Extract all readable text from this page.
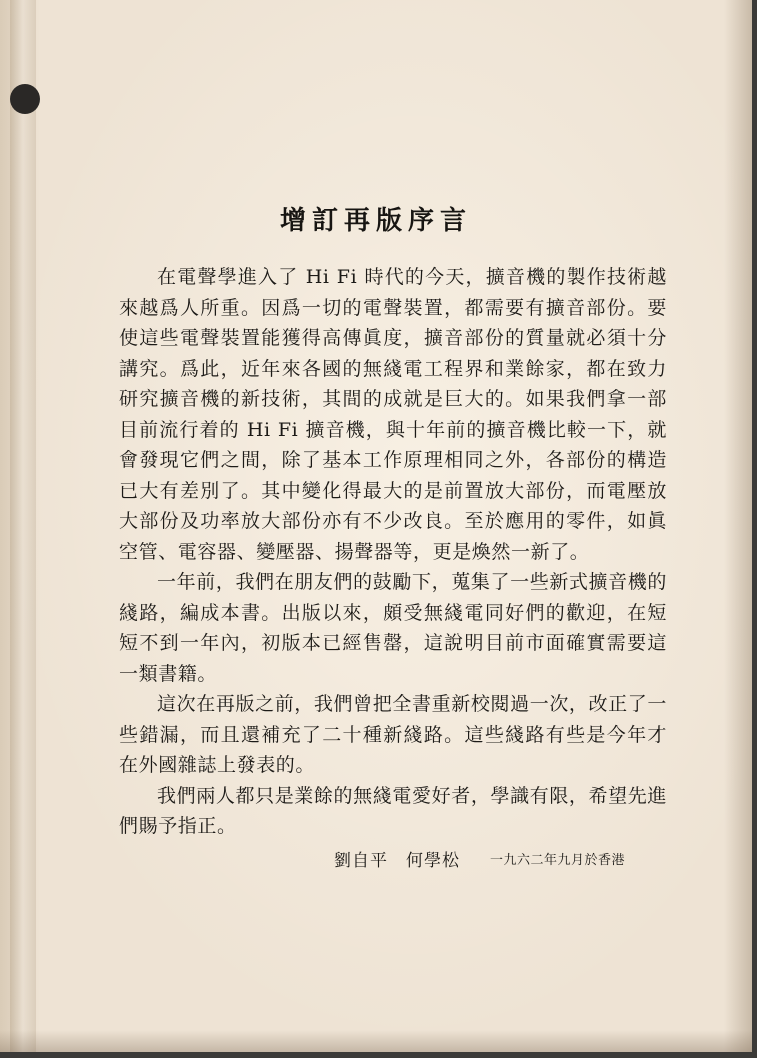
增訂再版序言

在電聲學進入了 Hi Fi 時代的今天，擴音機的製作技術越來越爲人所重。因爲一切的電聲裝置，都需要有擴音部份。要使這些電聲裝置能獲得高傳眞度，擴音部份的質量就必須十分講究。爲此，近年來各國的無綫電工程界和業餘家，都在致力研究擴音機的新技術，其間的成就是巨大的。如果我們拿一部目前流行着的 Hi Fi 擴音機，與十年前的擴音機比較一下，就會發現它們之間，除了基本工作原理相同之外，各部份的構造已大有差別了。其中變化得最大的是前置放大部份，而電壓放大部份及功率放大部份亦有不少改良。至於應用的零件，如眞空管、電容器、變壓器、揚聲器等，更是煥然一新了。

一年前，我們在朋友們的鼓勵下，蒐集了一些新式擴音機的綫路，編成本書。出版以來，頗受無綫電同好們的歡迎，在短短不到一年內，初版本已經售罄，這說明目前市面確實需要這一類書籍。

這次在再版之前，我們曾把全書重新校閱過一次，改正了一些錯漏，而且還補充了二十種新綫路。這些綫路有些是今年才在外國雜誌上發表的。

我們兩人都只是業餘的無綫電愛好者，學識有限，希望先進們賜予指正。

劉自平　何學松 一九六二年九月於香港
